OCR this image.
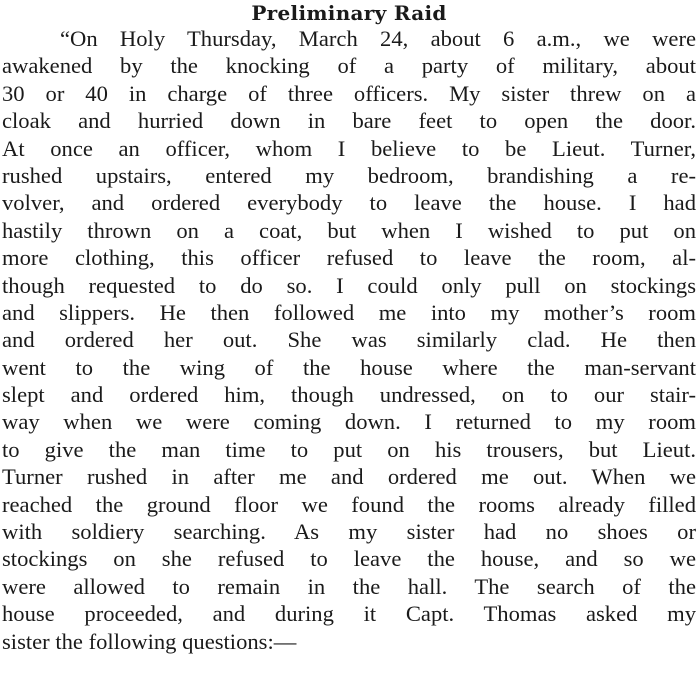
Preliminary Raid
“On Holy Thursday, March 24, about 6 a.m., we were
awakened by the knocking of a party of military, about
30 or 40 in charge of three officers. My sister threw on a
cloak and hurried down in bare feet to open the door.
At once an officer, whom I believe to be Lieut. Turner,
rushed upstairs, entered my bedroom, brandishing a re-
volver, and ordered everybody to leave the house. I had
hastily thrown on a coat, but when I wished to put on
more clothing, this officer refused to leave the room, al-
though requested to do so. I could only pull on stockings
and slippers. He then followed me into my mother’s room
and ordered her out. She was similarly clad. He then
went to the wing of the house where the man-servant
slept and ordered him, though undressed, on to our stair-
way when we were coming down. I returned to my room
to give the man time to put on his trousers, but Lieut.
Turner rushed in after me and ordered me out. When we
reached the ground floor we found the rooms already filled
with soldiery searching. As my sister had no shoes or
stockings on she refused to leave the house, and so we
were allowed to remain in the hall. The search of the
house proceeded, and during it Capt. Thomas asked my
sister the following questions:—
